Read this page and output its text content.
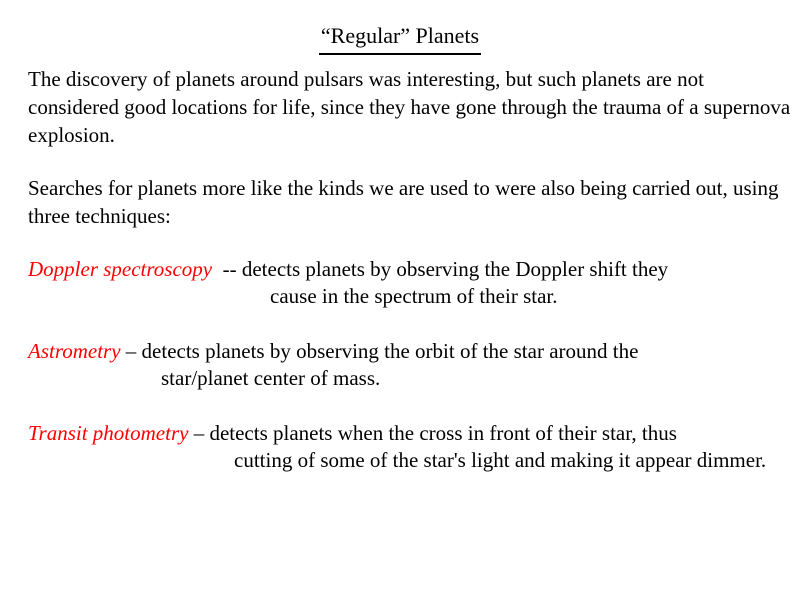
“Regular” Planets

The discovery of planets around pulsars was interesting, but such planets are not considered good locations for life, since they have gone through the trauma of a supernova explosion.

Searches for planets more like the kinds we are used to were also being carried out, using three techniques:

Doppler spectroscopy  -- detects planets by observing the Doppler shift they
cause in the spectrum of their star.
Astrometry – detects planets by observing the orbit of the star around the
star/planet center of mass.
Transit photometry – detects planets when the cross in front of their star, thus
cutting of some of the star's light and making it appear dimmer.
